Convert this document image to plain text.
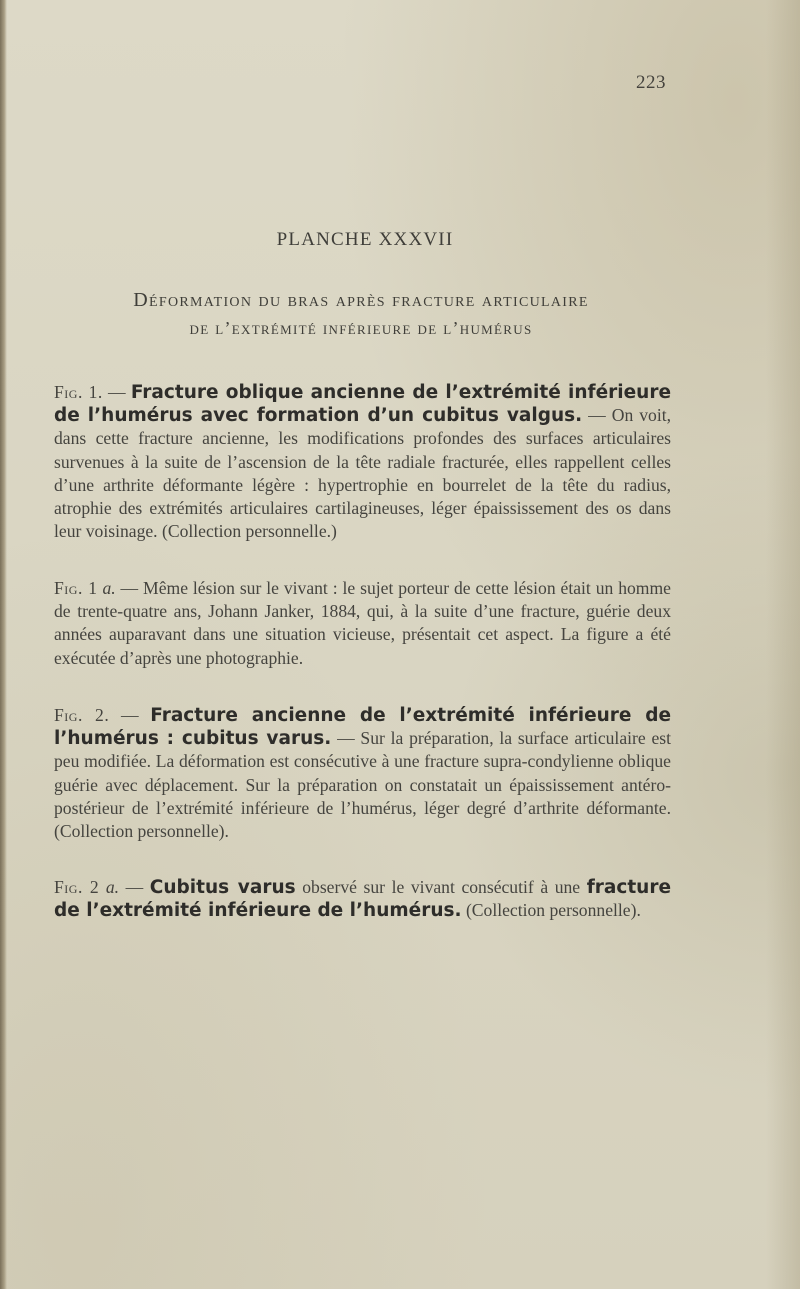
223
PLANCHE XXXVII
Déformation du bras après fracture articulaire
de l’extrémité inférieure de l’humérus
Fig. 1. — Fracture oblique ancienne de l’extrémité inférieure de l’humérus avec formation d’un cubitus valgus. — On voit, dans cette fracture ancienne, les modifications profondes des surfaces articulaires survenues à la suite de l’ascension de la tête radiale fracturée, elles rappellent celles d’une arthrite déformante légère : hypertrophie en bourrelet de la tête du radius, atrophie des extrémités articulaires cartilagineuses, léger épaississement des os dans leur voisinage. (Collection personnelle.)
Fig. 1 a. — Même lésion sur le vivant : le sujet porteur de cette lésion était un homme de trente-quatre ans, Johann Janker, 1884, qui, à la suite d’une fracture, guérie deux années auparavant dans une situation vicieuse, présentait cet aspect. La figure a été exécutée d’après une photographie.
Fig. 2. — Fracture ancienne de l’extrémité inférieure de l’humérus : cubitus varus. — Sur la préparation, la surface articulaire est peu modifiée. La déformation est consécutive à une fracture supra-condylienne oblique guérie avec déplacement. Sur la préparation on constatait un épaississement antéro-postérieur de l’extrémité inférieure de l’humérus, léger degré d’arthrite déformante. (Collection personnelle).
Fig. 2 a. — Cubitus varus observé sur le vivant consécutif à une fracture de l’extrémité inférieure de l’humérus. (Collection personnelle).
